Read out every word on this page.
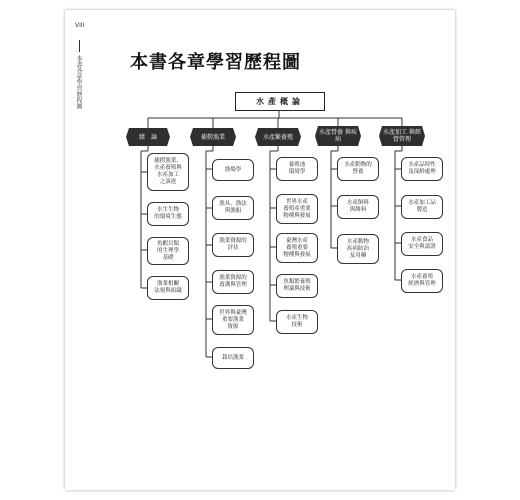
VIII
本書各章學習歷程圖	本書各章學習歷程圖
水產概論
緒　論	捕撈漁業	水產繁養殖
水產營養 與疾病
水產加工 與經營管理
捕撈漁業、
水產養殖與
水產加工
之演進
水生生物
的環境生態
魚蝦貝類
的生理學
基礎
漁業相關
法規與組織
漁場學
漁具、漁法
與漁船
漁業資源的
評估
漁業資源的
養護與管理
世界與臺灣
重要漁業
資源
栽培漁業
養殖池
環境學
世界水產
養殖產重要
物種與發展
臺灣水產
養殖重要
物種與發展
魚類繁養殖
理論與技術
水產生物
技術
水產動物的
營養
水產飼料
與餌料
水產動物
疾病防治
及用藥
水產品特性
及保鮮處理
水產加工品
製造
水產食品
安全與認證
水產養殖
經濟與管理
